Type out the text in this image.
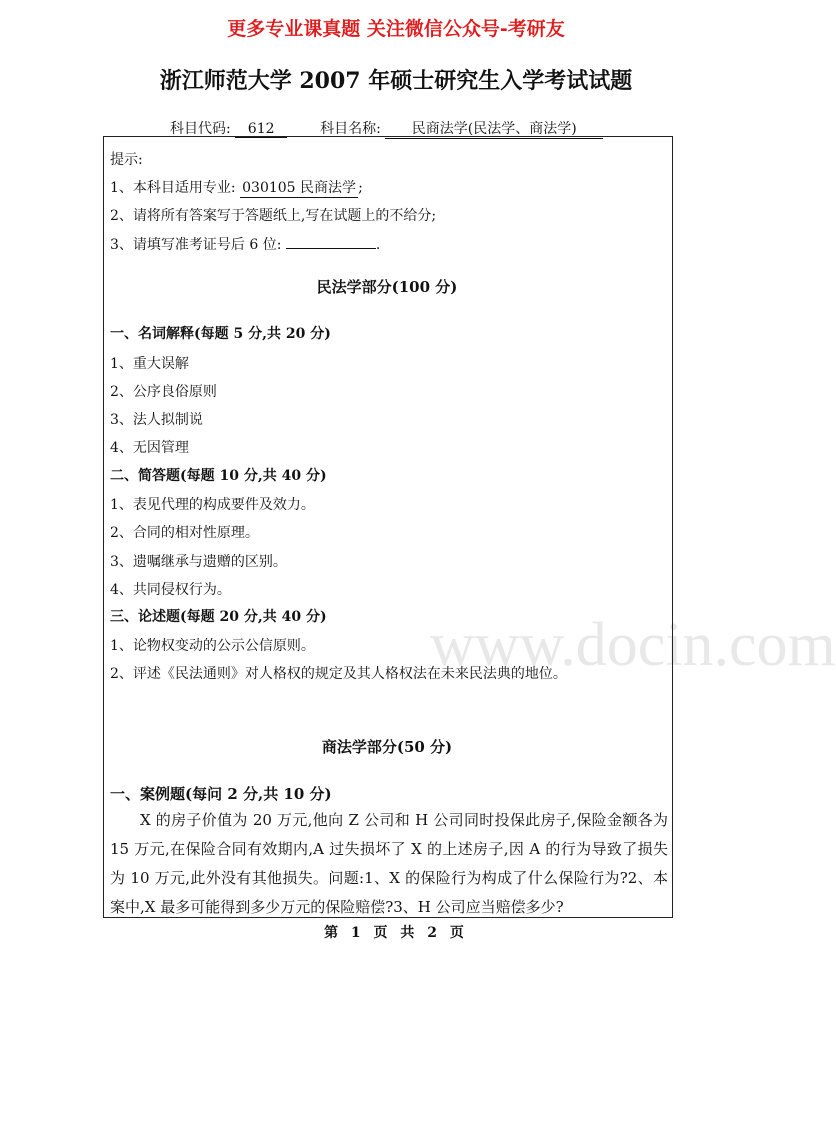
www.docin.com
更多专业课真题 关注微信公众号-考研友
浙江师范大学 2007 年硕士研究生入学考试试题
科目代码: 612	科目名称: 民商法学(民法学、商法学)
提示:
1、本科目适用专业: 030105 民商法学 ;
2、请将所有答案写于答题纸上,写在试题上的不给分;
3、请填写准考证号后 6 位:	.
民法学部分(100 分)
一、名词解释(每题 5 分,共 20 分)
1、重大误解
2、公序良俗原则
3、法人拟制说
4、无因管理
二、简答题(每题 10 分,共 40 分)
1、表见代理的构成要件及效力。
2、合同的相对性原理。
3、遗嘱继承与遗赠的区别。
4、共同侵权行为。
三、论述题(每题 20 分,共 40 分)
1、论物权变动的公示公信原则。
2、评述《民法通则》对人格权的规定及其人格权法在未来民法典的地位。
商法学部分(50 分)
一、案例题(每问 2 分,共 10 分)
X 的房子价值为 20 万元,他向 Z 公司和 H 公司同时投保此房子,保险金额各为 15 万元,在保险合同有效期内,A 过失损坏了 X 的上述房子,因 A 的行为导致了损失为 10 万元,此外没有其他损失。问题:1、X 的保险行为构成了什么保险行为?2、本案中,X 最多可能得到多少万元的保险赔偿?3、H 公司应当赔偿多少?
第 1 页 共 2 页
